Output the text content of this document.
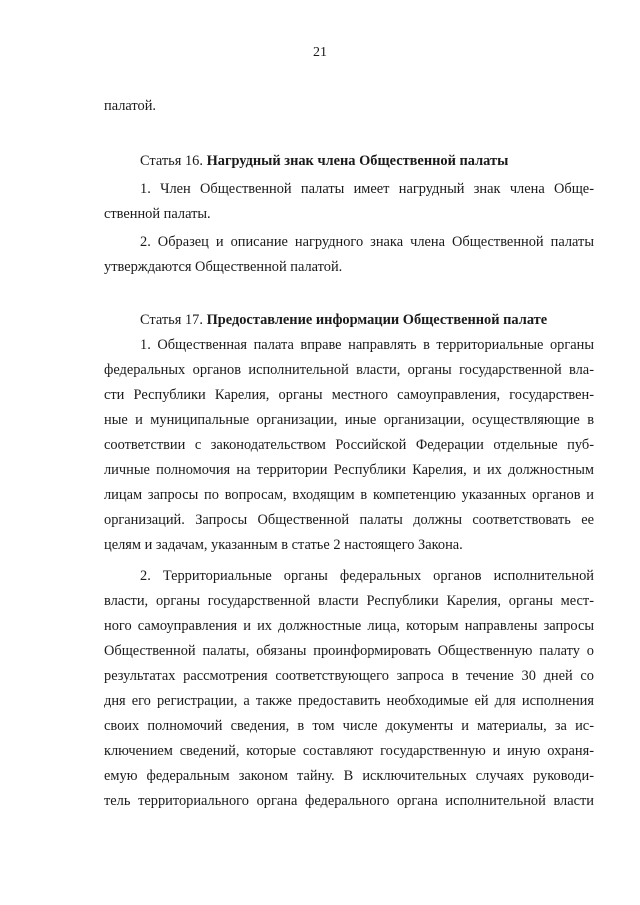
21
палатой.
Статья 16. Нагрудный знак члена Общественной палаты
1. Член Общественной палаты имеет нагрудный знак члена Обще-
ственной палаты.
2. Образец и описание нагрудного знака члена Общественной палаты
утверждаются Общественной палатой.
Статья 17. Предоставление информации Общественной палате
1. Общественная палата вправе направлять в территориальные органы
федеральных органов исполнительной власти, органы государственной вла-
сти Республики Карелия, органы местного самоуправления, государствен-
ные и муниципальные организации, иные организации, осуществляющие в
соответствии с законодательством Российской Федерации отдельные пуб-
личные полномочия на территории Республики Карелия, и их должностным
лицам запросы по вопросам, входящим в компетенцию указанных органов и
организаций. Запросы Общественной палаты должны соответствовать ее
целям и задачам, указанным в статье 2 настоящего Закона.
2. Территориальные органы федеральных органов исполнительной
власти, органы государственной власти Республики Карелия, органы мест-
ного самоуправления и их должностные лица, которым направлены запросы
Общественной палаты, обязаны проинформировать Общественную палату о
результатах рассмотрения соответствующего запроса в течение 30 дней со
дня его регистрации, а также предоставить необходимые ей для исполнения
своих полномочий сведения, в том числе документы и материалы, за ис-
ключением сведений, которые составляют государственную и иную охраня-
емую федеральным законом тайну. В исключительных случаях руководи-
тель территориального органа федерального органа исполнительной власти
